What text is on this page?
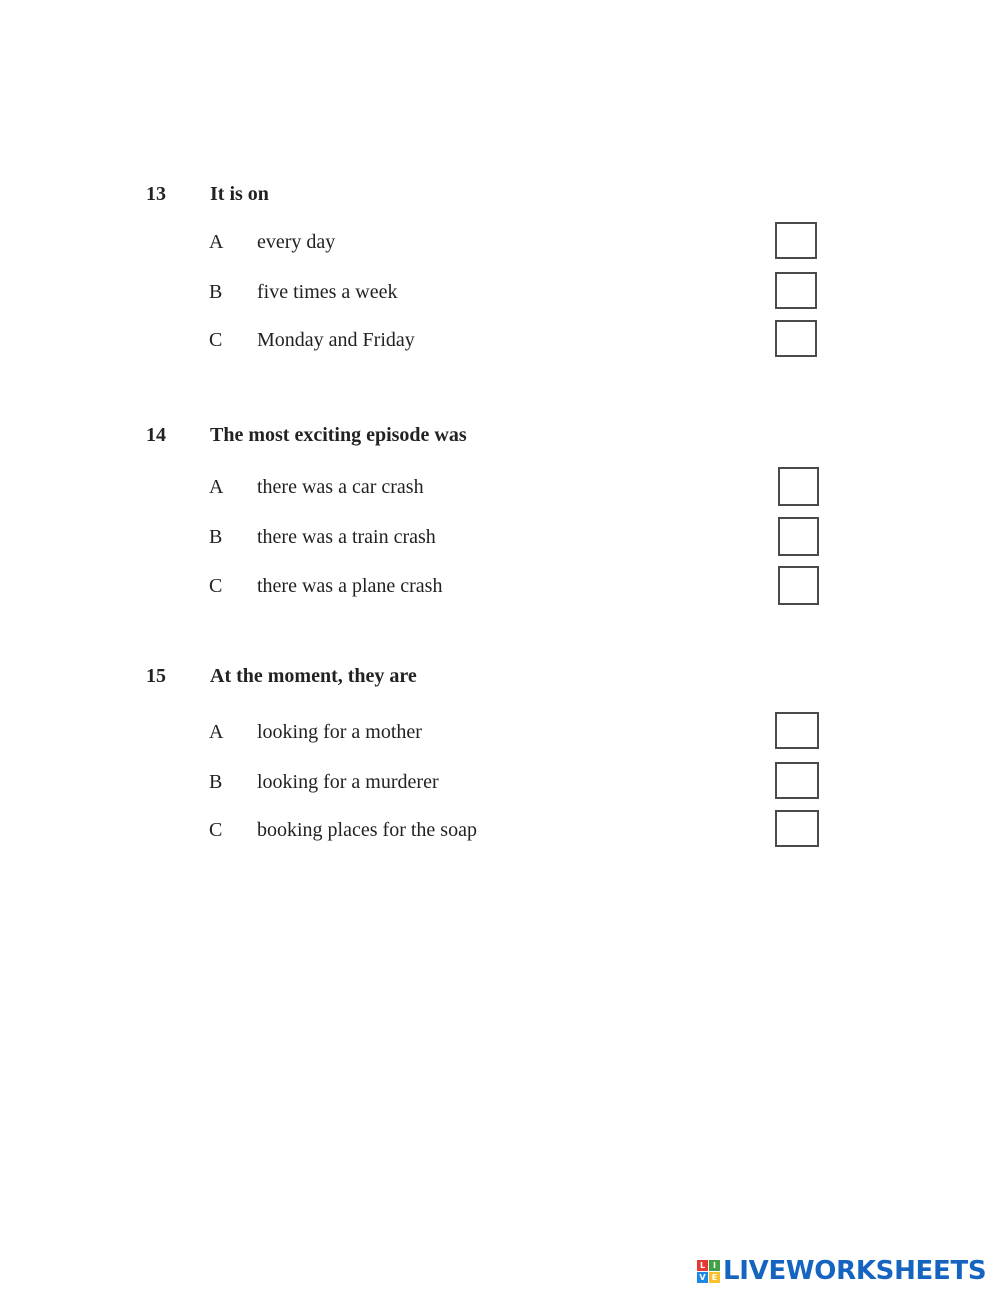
13 It is on
A every day
B five times a week
C Monday and Friday
14 The most exciting episode was
A there was a car crash
B there was a train crash
C there was a plane crash
15 At the moment, they are
A looking for a mother
B looking for a murderer
C booking places for the soap
L I
V E LIVEWORKSHEETS
